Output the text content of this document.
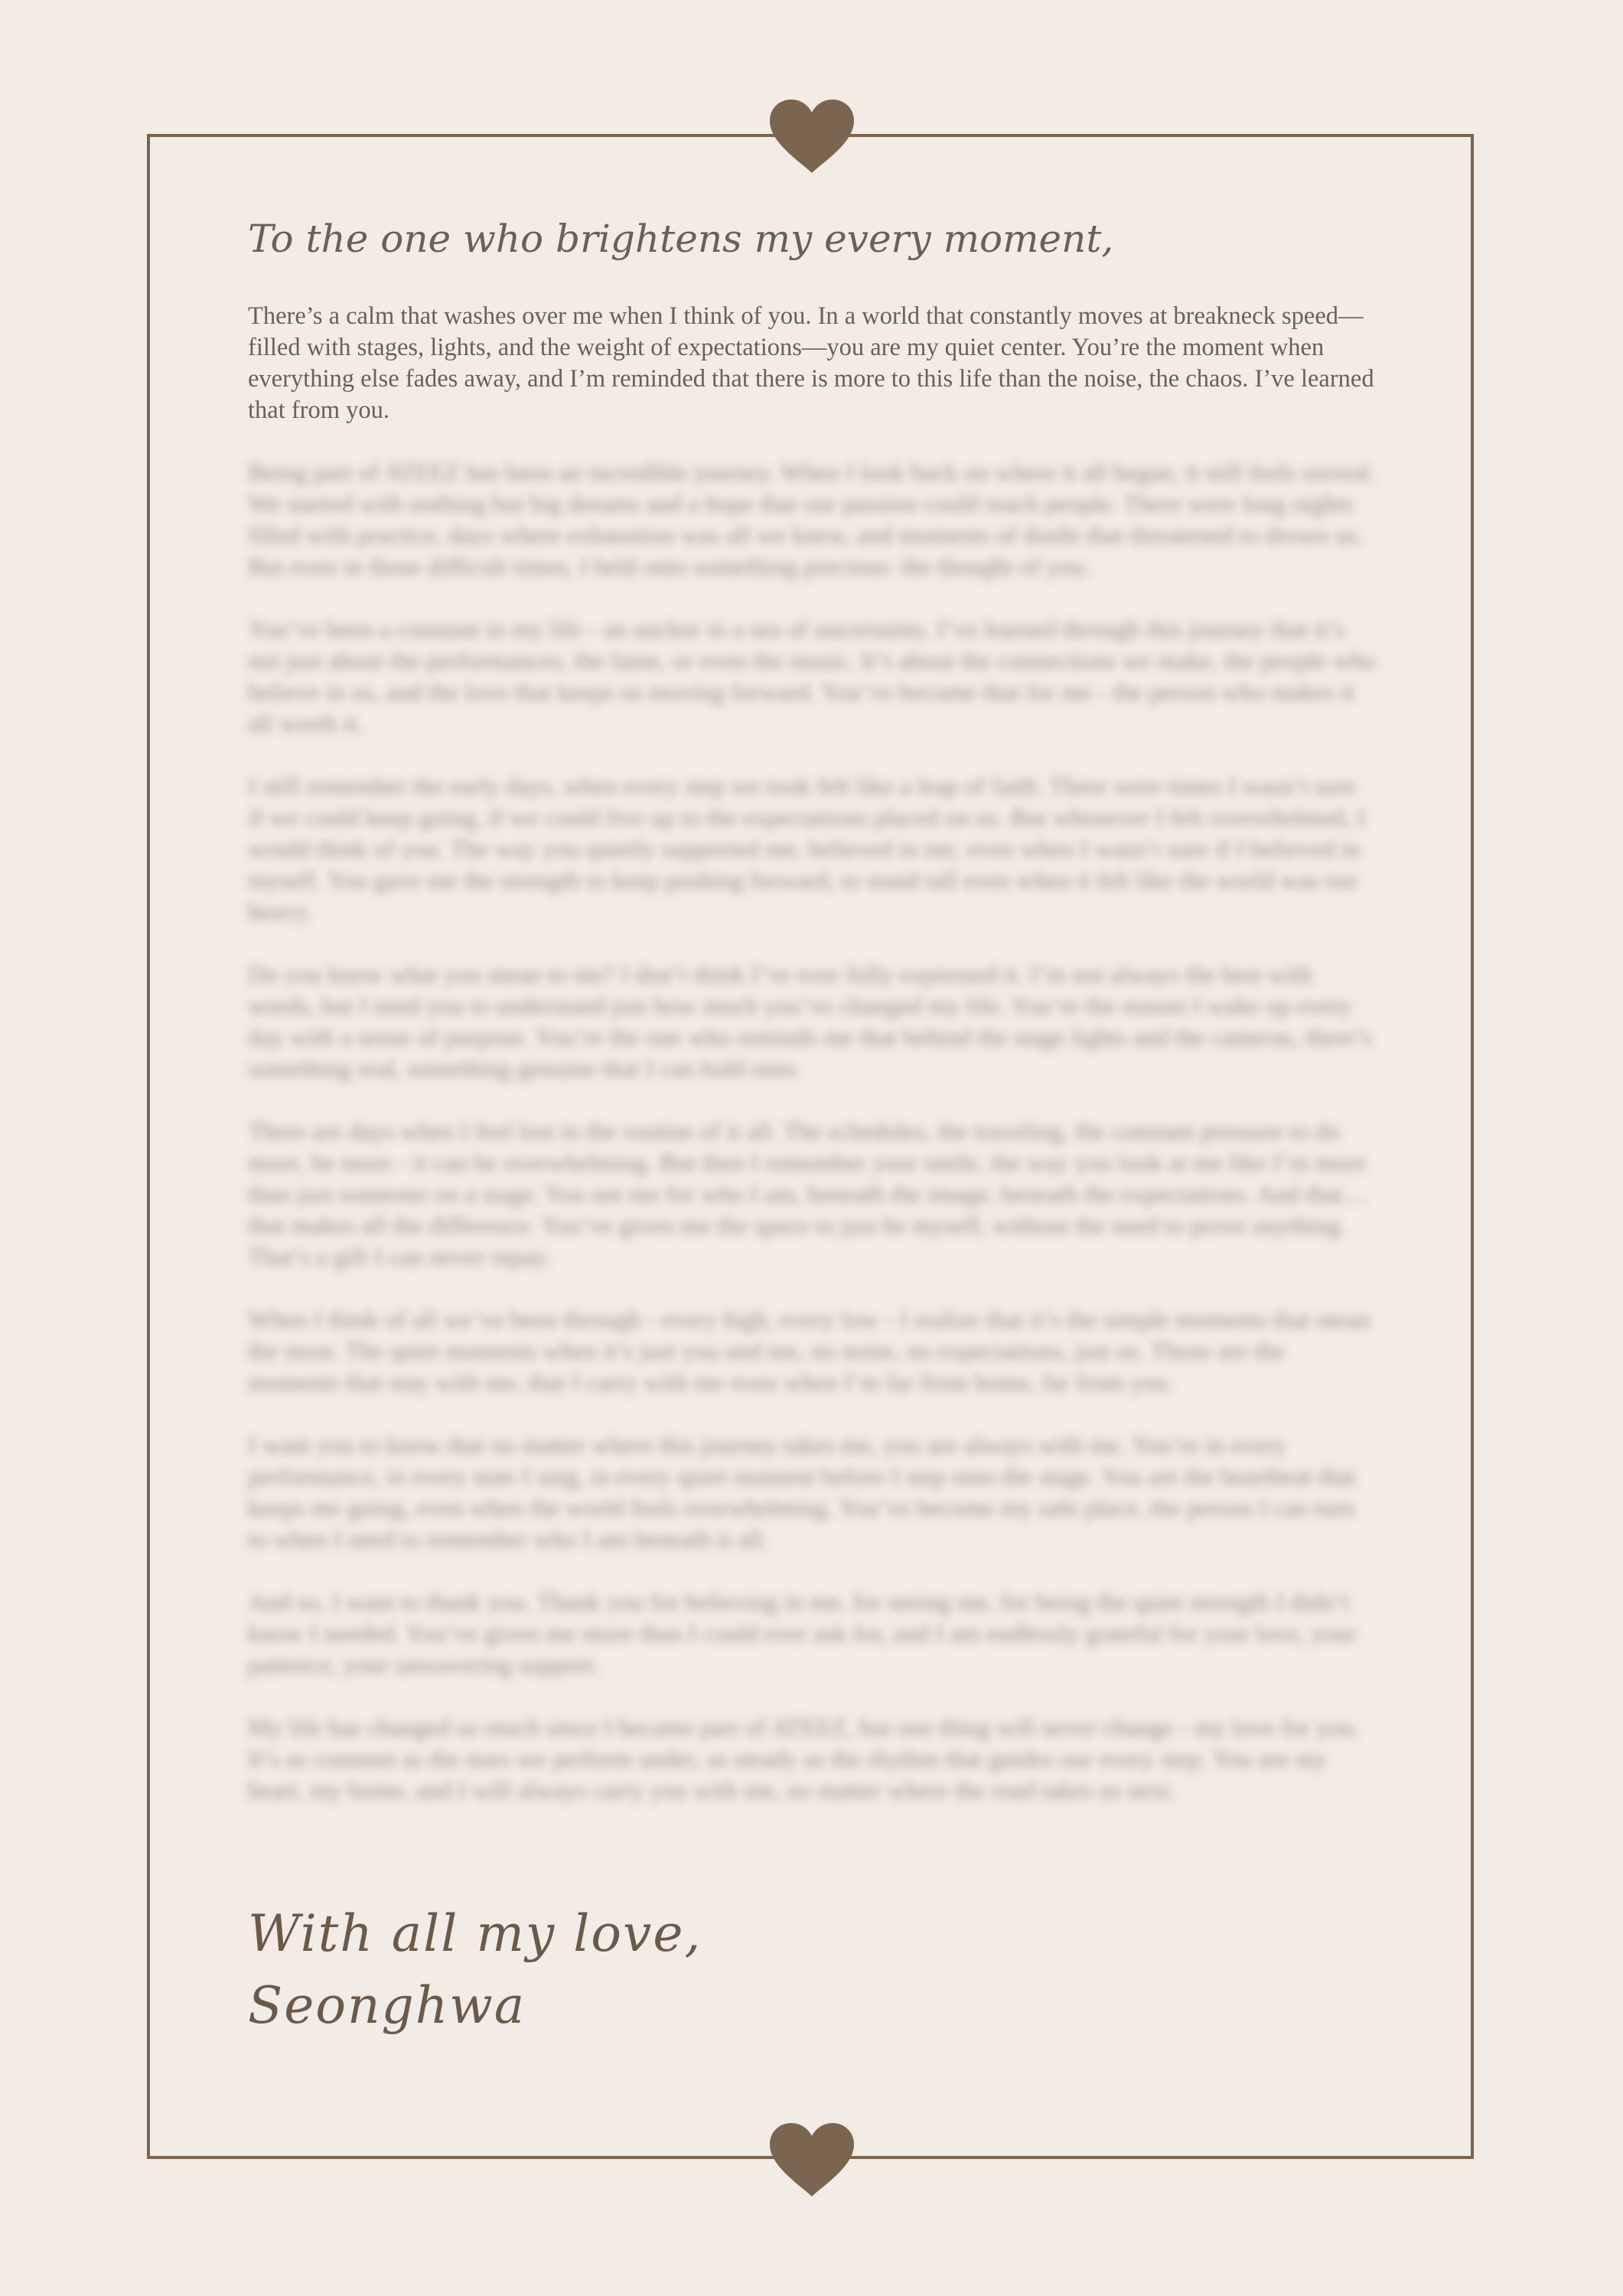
To the one who brightens my every moment,

There’s a calm that washes over me when I think of you. In a world that constantly moves at breakneck speed—filled with stages, lights, and the weight of expectations—you are my quiet center. You’re the moment when everything else fades away, and I’m reminded that there is more to this life than the noise, the chaos. I’ve learned that from you.

Being part of ATEEZ has been an incredible journey. When I look back on where it all began, it still feels surreal. We started with nothing but big dreams and a hope that our passion could reach people. There were long nights filled with practice, days where exhaustion was all we knew, and moments of doubt that threatened to drown us. But even in those difficult times, I held onto something precious: the thought of you.

You’ve been a constant in my life - an anchor in a sea of uncertainty. I’ve learned through this journey that it’s not just about the performances, the fame, or even the music. It’s about the connections we make, the people who believe in us, and the love that keeps us moving forward. You’ve become that for me - the person who makes it all worth it.

I still remember the early days, when every step we took felt like a leap of faith. There were times I wasn’t sure if we could keep going, if we could live up to the expectations placed on us. But whenever I felt overwhelmed, I would think of you. The way you quietly supported me, believed in me, even when I wasn’t sure if I believed in myself. You gave me the strength to keep pushing forward, to stand tall even when it felt like the world was too heavy.

Do you know what you mean to me? I don’t think I’ve ever fully expressed it. I’m not always the best with words, but I need you to understand just how much you’ve changed my life. You’re the reason I wake up every day with a sense of purpose. You’re the one who reminds me that behind the stage lights and the cameras, there’s something real, something genuine that I can hold onto.

There are days when I feel lost in the routine of it all. The schedules, the traveling, the constant pressure to do more, be more - it can be overwhelming. But then I remember your smile, the way you look at me like I’m more than just someone on a stage. You see me for who I am, beneath the image, beneath the expectations. And that… that makes all the difference. You’ve given me the space to just be myself, without the need to prove anything. That’s a gift I can never repay.

When I think of all we’ve been through - every high, every low - I realize that it’s the simple moments that mean the most. The quiet moments when it’s just you and me, no noise, no expectations, just us. Those are the moments that stay with me, that I carry with me even when I’m far from home, far from you.

I want you to know that no matter where this journey takes me, you are always with me. You’re in every performance, in every note I sing, in every quiet moment before I step onto the stage. You are the heartbeat that keeps me going, even when the world feels overwhelming. You’ve become my safe place, the person I can turn to when I need to remember who I am beneath it all.

And so, I want to thank you. Thank you for believing in me, for seeing me, for being the quiet strength I didn’t know I needed. You’ve given me more than I could ever ask for, and I am endlessly grateful for your love, your patience, your unwavering support.

My life has changed so much since I became part of ATEEZ, but one thing will never change - my love for you. It’s as constant as the stars we perform under, as steady as the rhythm that guides our every step. You are my heart, my home, and I will always carry you with me, no matter where the road takes us next.

With all my love,
Seonghwa
